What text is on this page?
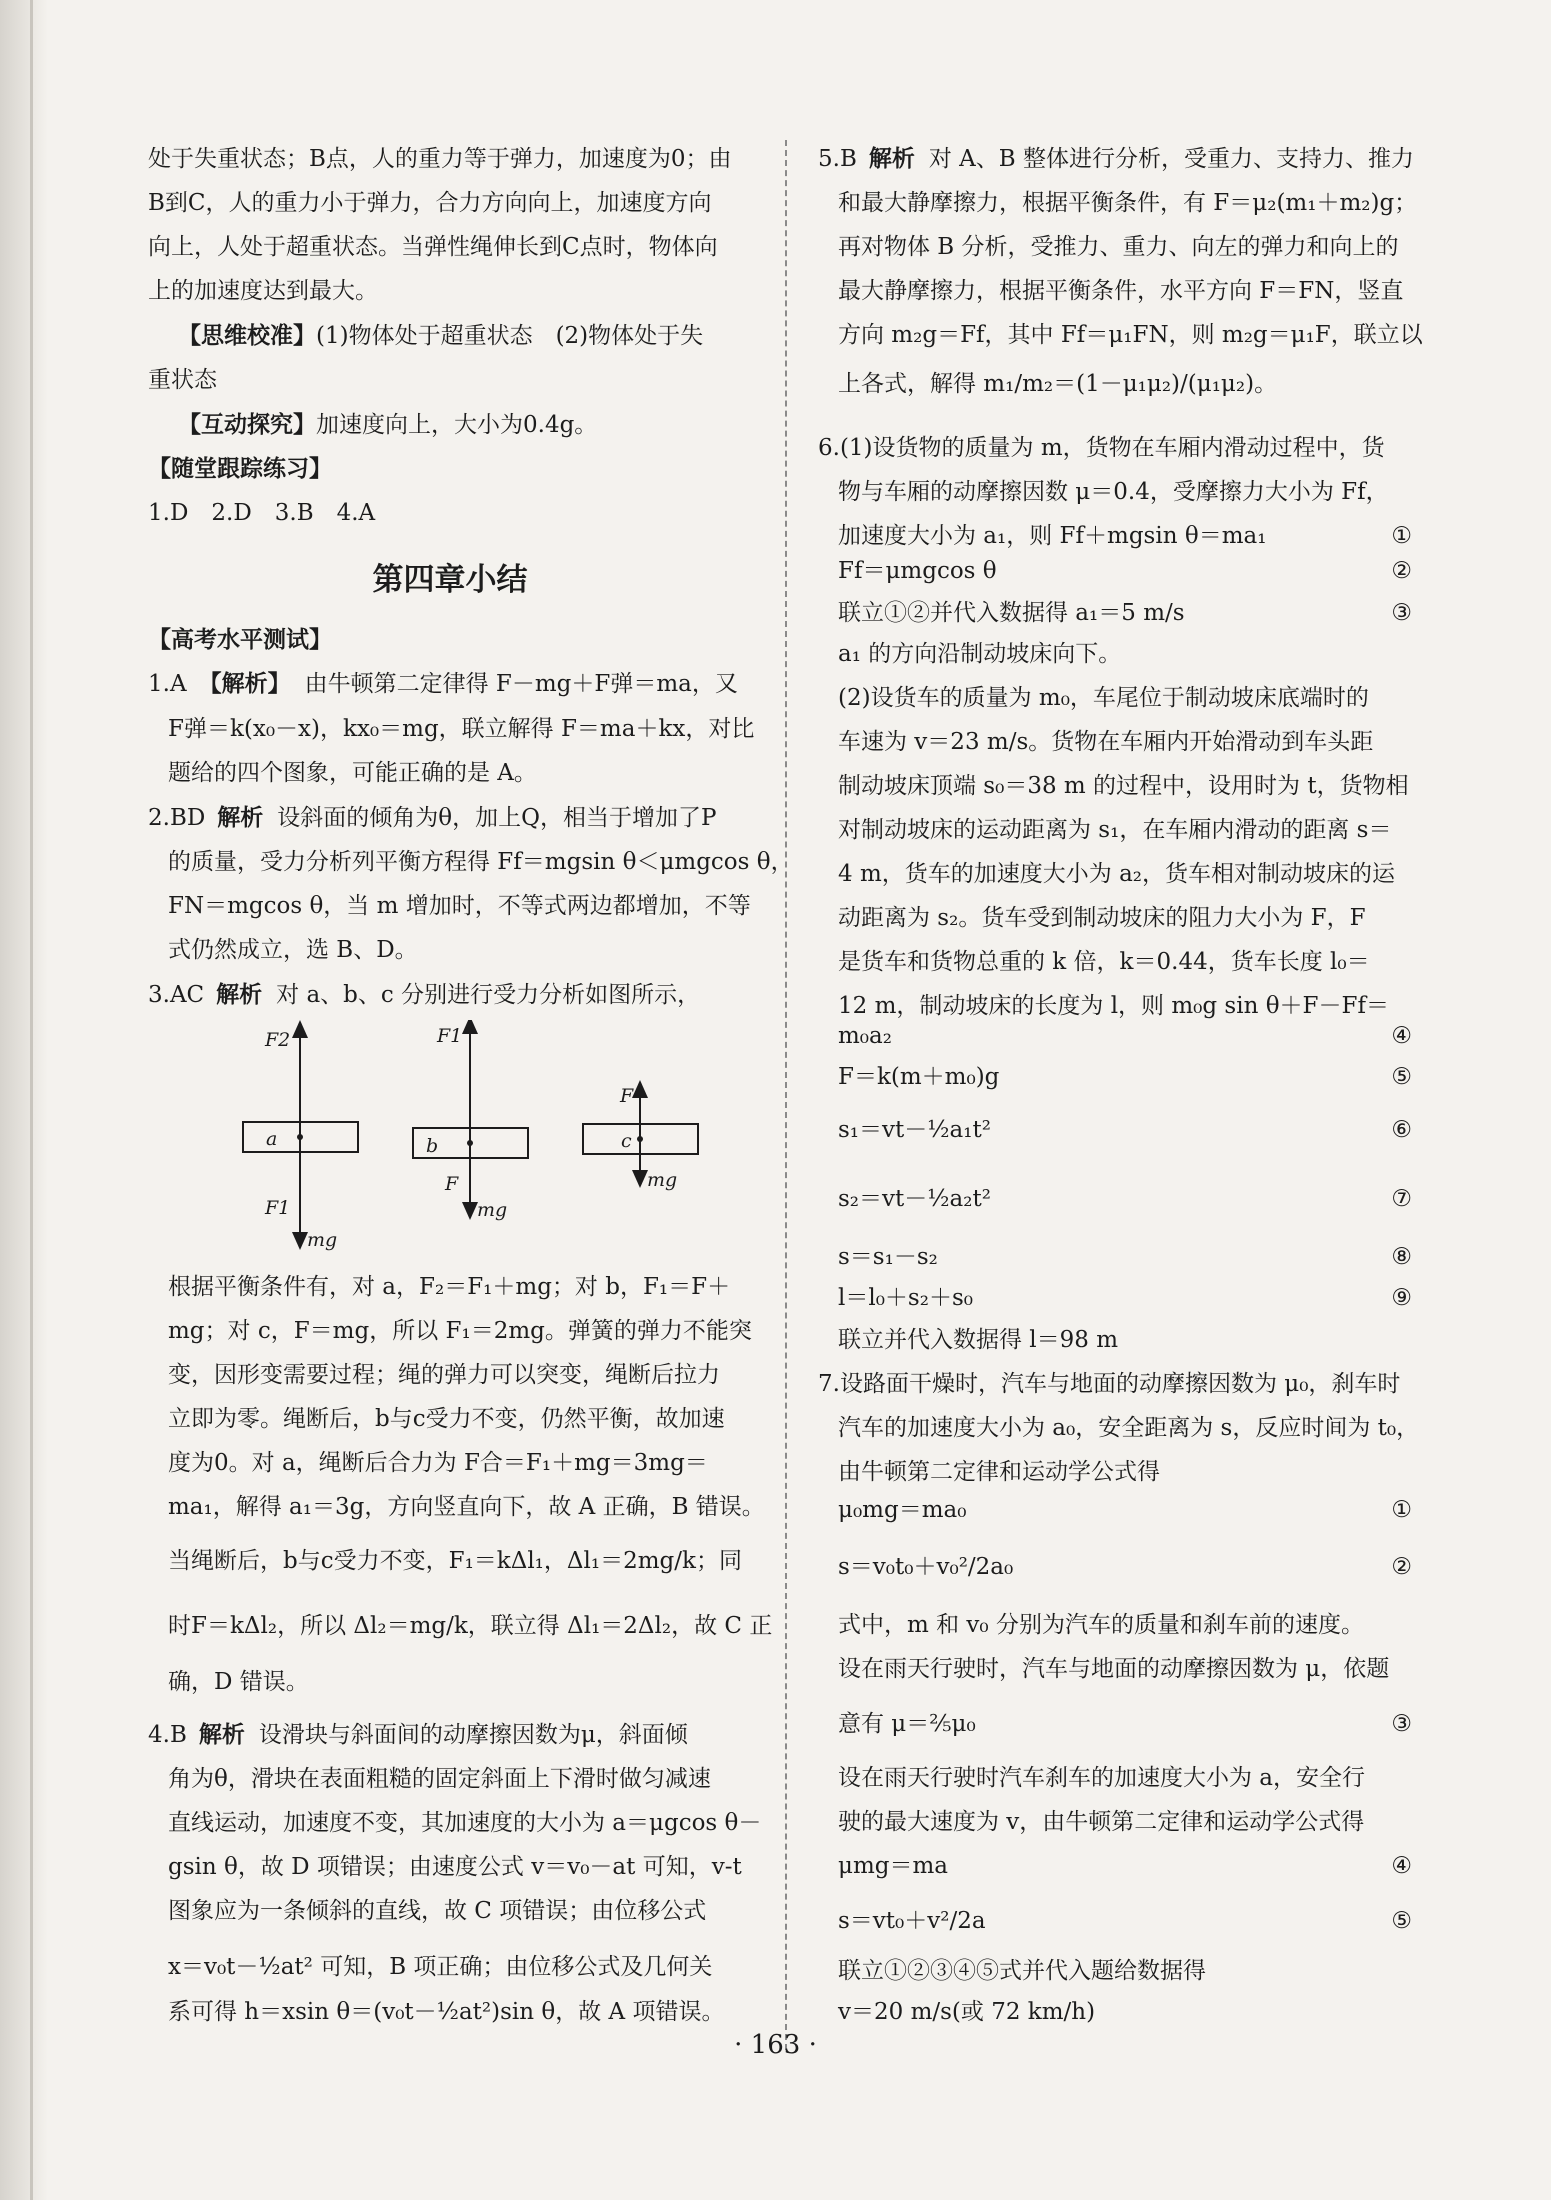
处于失重状态；B点，人的重力等于弹力，加速度为0；由
B到C，人的重力小于弹力，合力方向向上，加速度方向
向上，人处于超重状态。当弹性绳伸长到C点时，物体向
上的加速度达到最大。
【思维校准】(1)物体处于超重状态　(2)物体处于失
重状态
【互动探究】加速度向上，大小为0.4g。
【随堂跟踪练习】
1.D　2.D　3.B　4.A
第四章小结
【高考水平测试】
1.A 【解析】 由牛顿第二定律得 F－mg＋F弹＝ma，又
F弹＝k(x₀－x)，kx₀＝mg，联立解得 F＝ma＋kx，对比
题给的四个图象，可能正确的是 A。
2.BD 解析 设斜面的倾角为θ，加上Q，相当于增加了P
的质量，受力分析列平衡方程得 Ff＝mgsin θ＜μmgcos θ，
FN＝mgcos θ，当 m 增加时，不等式两边都增加，不等
式仍然成立，选 B、D。
3.AC 解析 对 a、b、c 分别进行受力分析如图所示，
a
F2
F1
mg
b
F1
F
mg
c
F
mg
根据平衡条件有，对 a，F₂＝F₁＋mg；对 b，F₁＝F＋
mg；对 c，F＝mg，所以 F₁＝2mg。弹簧的弹力不能突
变，因形变需要过程；绳的弹力可以突变，绳断后拉力
立即为零。绳断后，b与c受力不变，仍然平衡，故加速
度为0。对 a，绳断后合力为 F合＝F₁＋mg＝3mg＝
ma₁，解得 a₁＝3g，方向竖直向下，故 A 正确，B 错误。
当绳断后，b与c受力不变，F₁＝kΔl₁，Δl₁＝2mg/k；同
时F＝kΔl₂，所以 Δl₂＝mg/k，联立得 Δl₁＝2Δl₂，故 C 正
确，D 错误。
4.B 解析 设滑块与斜面间的动摩擦因数为μ，斜面倾
角为θ，滑块在表面粗糙的固定斜面上下滑时做匀减速
直线运动，加速度不变，其加速度的大小为 a＝μgcos θ－
gsin θ，故 D 项错误；由速度公式 v＝v₀－at 可知，v-t
图象应为一条倾斜的直线，故 C 项错误；由位移公式
x＝v₀t－½at² 可知，B 项正确；由位移公式及几何关
系可得 h＝xsin θ＝(v₀t－½at²)sin θ，故 A 项错误。
5.B 解析 对 A、B 整体进行分析，受重力、支持力、推力
和最大静摩擦力，根据平衡条件，有 F＝μ₂(m₁＋m₂)g；
再对物体 B 分析，受推力、重力、向左的弹力和向上的
最大静摩擦力，根据平衡条件，水平方向 F＝FN，竖直
方向 m₂g＝Ff，其中 Ff＝μ₁FN，则 m₂g＝μ₁F，联立以
上各式，解得 m₁/m₂＝(1－μ₁μ₂)/(μ₁μ₂)。
6.(1)设货物的质量为 m，货物在车厢内滑动过程中，货
物与车厢的动摩擦因数 μ＝0.4，受摩擦力大小为 Ff，
加速度大小为 a₁，则 Ff＋mgsin θ＝ma₁	①
Ff＝μmgcos θ	②
联立①②并代入数据得 a₁＝5 m/s	③
a₁ 的方向沿制动坡床向下。
(2)设货车的质量为 m₀，车尾位于制动坡床底端时的
车速为 v＝23 m/s。货物在车厢内开始滑动到车头距
制动坡床顶端 s₀＝38 m 的过程中，设用时为 t，货物相
对制动坡床的运动距离为 s₁，在车厢内滑动的距离 s＝
4 m，货车的加速度大小为 a₂，货车相对制动坡床的运
动距离为 s₂。货车受到制动坡床的阻力大小为 F，F
是货车和货物总重的 k 倍，k＝0.44，货车长度 l₀＝
12 m，制动坡床的长度为 l，则 m₀g sin θ＋F－Ff＝
m₀a₂	④
F＝k(m＋m₀)g	⑤
s₁＝vt－½a₁t²	⑥
s₂＝vt－½a₂t²	⑦
s＝s₁－s₂	⑧
l＝l₀＋s₂＋s₀	⑨
联立并代入数据得 l＝98 m
7.设路面干燥时，汽车与地面的动摩擦因数为 μ₀，刹车时
汽车的加速度大小为 a₀，安全距离为 s，反应时间为 t₀，
由牛顿第二定律和运动学公式得
μ₀mg＝ma₀	①
s＝v₀t₀＋v₀²/2a₀	②
式中，m 和 v₀ 分别为汽车的质量和刹车前的速度。
设在雨天行驶时，汽车与地面的动摩擦因数为 μ，依题
意有 μ＝⅖μ₀	③
设在雨天行驶时汽车刹车的加速度大小为 a，安全行
驶的最大速度为 v，由牛顿第二定律和运动学公式得
μmg＝ma	④
s＝vt₀＋v²/2a	⑤
联立①②③④⑤式并代入题给数据得
v＝20 m/s(或 72 km/h)
· 163 ·
